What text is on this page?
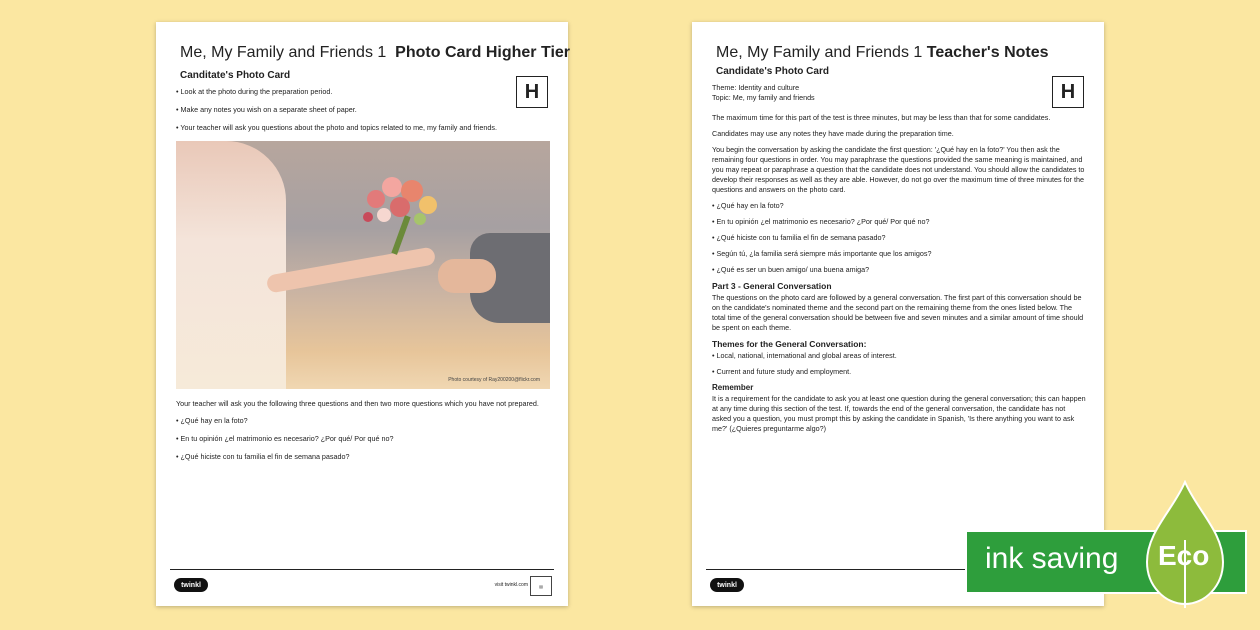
Me, My Family and Friends 1 Photo Card Higher Tier
Canditate's Photo Card
H
• Look at the photo during the preparation period.
• Make any notes you wish on a separate sheet of paper.
• Your teacher will ask you questions about the photo and topics related to me, my family and friends.
Photo courtesy of Ray200200@flickr.com
Your teacher will ask you the following three questions and then two more questions which you have not prepared.
• ¿Qué hay en la foto?
• En tu opinión ¿el matrimonio es necesario? ¿Por qué/ Por qué no?
• ¿Qué hiciste con tu familia el fin de semana pasado?
twinkl	visit twinkl.com	▤
Me, My Family and Friends 1 Teacher's Notes
Candidate's Photo Card
H
Theme: Identity and culture
Topic: Me, my family and friends
The maximum time for this part of the test is three minutes, but may be less than that for some candidates.
Candidates may use any notes they have made during the preparation time.
You begin the conversation by asking the candidate the first question: '¿Qué hay en la foto?' You then ask the remaining four questions in order. You may paraphrase the questions provided the same meaning is maintained, and you may repeat or paraphrase a question that the candidate does not understand. You should allow the candidates to develop their responses as well as they are able. However, do not go over the maximum time of three minutes for the questions and answers on the photo card.
• ¿Qué hay en la foto?
• En tu opinión ¿el matrimonio es necesario? ¿Por qué/ Por qué no?
• ¿Qué hiciste con tu familia el fin de semana pasado?
• Según tú, ¿la familia será siempre más importante que los amigos?
• ¿Qué es ser un buen amigo/ una buena amiga?
Part 3 - General Conversation
The questions on the photo card are followed by a general conversation. The first part of this conversation should be on the candidate's nominated theme and the second part on the remaining theme from the ones listed below. The total time of the general conversation should be between five and seven minutes and a similar amount of time should be spent on each theme.
Themes for the General Conversation:
• Local, national, international and global areas of interest.
• Current and future study and employment.
Remember
It is a requirement for the candidate to ask you at least one question during the general conversation; this can happen at any time during this section of the test. If, towards the end of the general conversation, the candidate has not asked you a question, you must prompt this by asking the candidate in Spanish, 'Is there anything you want to ask me?' (¿Quieres preguntarme algo?)
twinkl
ink saving Eco
